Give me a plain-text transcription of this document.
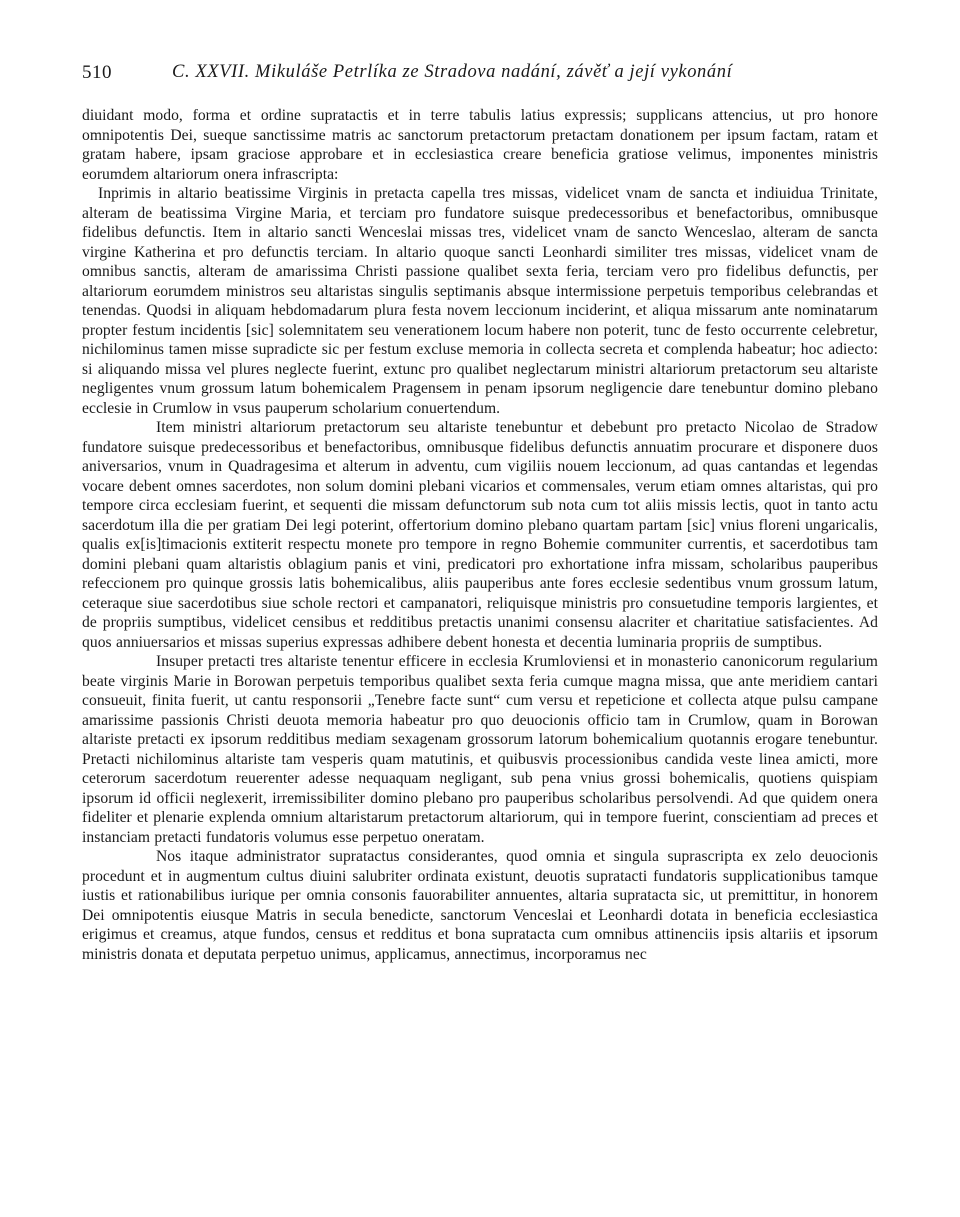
510	C. XXVII. Mikuláše Petrlíka ze Stradova nadání, závěť a její vykonání

diuidant modo, forma et ordine supratactis et in terre tabulis latius expressis; supplicans attencius, ut pro honore omnipotentis Dei, sueque sanctissime matris ac sanctorum pretactorum pretactam donationem per ipsum factam, ratam et gratam habere, ipsam graciose approbare et in ecclesiastica creare beneficia gratiose velimus, imponentes ministris eorumdem altariorum onera infrascripta:

Inprimis in altario beatissime Virginis in pretacta capella tres missas, videlicet vnam de sancta et indiuidua Trinitate, alteram de beatissima Virgine Maria, et terciam pro fundatore suisque predecessoribus et benefactoribus, omnibusque fidelibus defunctis. Item in altario sancti Wenceslai missas tres, videlicet vnam de sancto Wenceslao, alteram de sancta virgine Katherina et pro defunctis terciam. In altario quoque sancti Leonhardi similiter tres missas, videlicet vnam de omnibus sanctis, alteram de amarissima Christi passione qualibet sexta feria, terciam vero pro fidelibus defunctis, per altariorum eorumdem ministros seu altaristas singulis septimanis absque intermissione perpetuis temporibus celebrandas et tenendas. Quodsi in aliquam hebdomadarum plura festa novem leccionum inciderint, et aliqua missarum ante nominatarum propter festum incidentis [sic] solemnitatem seu venerationem locum habere non poterit, tunc de festo occurrente celebretur, nichilominus tamen misse supradicte sic per festum excluse memoria in collecta secreta et complenda habeatur; hoc adiecto: si aliquando missa vel plures neglecte fuerint, extunc pro qualibet neglectarum ministri altariorum pretactorum seu altariste negligentes vnum grossum latum bohemicalem Pragensem in penam ipsorum negligencie dare tenebuntur domino plebano ecclesie in Crumlow in vsus pauperum scholarium conuertendum.

Item ministri altariorum pretactorum seu altariste tenebuntur et debebunt pro pretacto Nicolao de Stradow fundatore suisque predecessoribus et benefactoribus, omnibusque fidelibus defunctis annuatim procurare et disponere duos aniversarios, vnum in Quadragesima et alterum in adventu, cum vigiliis nouem leccionum, ad quas cantandas et legendas vocare debent omnes sacerdotes, non solum domini plebani vicarios et commensales, verum etiam omnes altaristas, qui pro tempore circa ecclesiam fuerint, et sequenti die missam defunctorum sub nota cum tot aliis missis lectis, quot in tanto actu sacerdotum illa die per gratiam Dei legi poterint, offertorium domino plebano quartam partam [sic] vnius floreni ungaricalis, qualis ex[is]timacionis extiterit respectu monete pro tempore in regno Bohemie communiter currentis, et sacerdotibus tam domini plebani quam altaristis oblagium panis et vini, predicatori pro exhortatione infra missam, scholaribus pauperibus refeccionem pro quinque grossis latis bohemicalibus, aliis pauperibus ante fores ecclesie sedentibus vnum grossum latum, ceteraque siue sacerdotibus siue schole rectori et campanatori, reliquisque ministris pro consuetudine temporis largientes, et de propriis sumptibus, videlicet censibus et redditibus pretactis unanimi consensu alacriter et charitatiue satisfacientes. Ad quos anniuersarios et missas superius expressas adhibere debent honesta et decentia luminaria propriis de sumptibus.

Insuper pretacti tres altariste tenentur efficere in ecclesia Krumloviensi et in monasterio canonicorum regularium beate virginis Marie in Borowan perpetuis temporibus qualibet sexta feria cumque magna missa, que ante meridiem cantari consueuit, finita fuerit, ut cantu responsorii „Tenebre facte sunt“ cum versu et repeticione et collecta atque pulsu campane amarissime passionis Christi deuota memoria habeatur pro quo deuocionis officio tam in Crumlow, quam in Borowan altariste pretacti ex ipsorum redditibus mediam sexagenam grossorum latorum bohemicalium quotannis erogare tenebuntur. Pretacti nichilominus altariste tam vesperis quam matutinis, et quibusvis processionibus candida veste linea amicti, more ceterorum sacerdotum reuerenter adesse nequaquam negligant, sub pena vnius grossi bohemicalis, quotiens quispiam ipsorum id officii neglexerit, irremissibiliter domino plebano pro pauperibus scholaribus persolvendi. Ad que quidem onera fideliter et plenarie explenda omnium altaristarum pretactorum altariorum, qui in tempore fuerint, conscientiam ad preces et instanciam pretacti fundatoris volumus esse perpetuo oneratam.

Nos itaque administrator supratactus considerantes, quod omnia et singula suprascripta ex zelo deuocionis procedunt et in augmentum cultus diuini salubriter ordinata existunt, deuotis supratacti fundatoris supplicationibus tamque iustis et rationabilibus iurique per omnia consonis fauorabiliter annuentes, altaria supratacta sic, ut premittitur, in honorem Dei omnipotentis eiusque Matris in secula benedicte, sanctorum Venceslai et Leonhardi dotata in beneficia ecclesiastica erigimus et creamus, atque fundos, census et redditus et bona supratacta cum omnibus attinenciis ipsis altariis et ipsorum ministris donata et deputata perpetuo unimus, applicamus, annectimus, incorporamus nec
